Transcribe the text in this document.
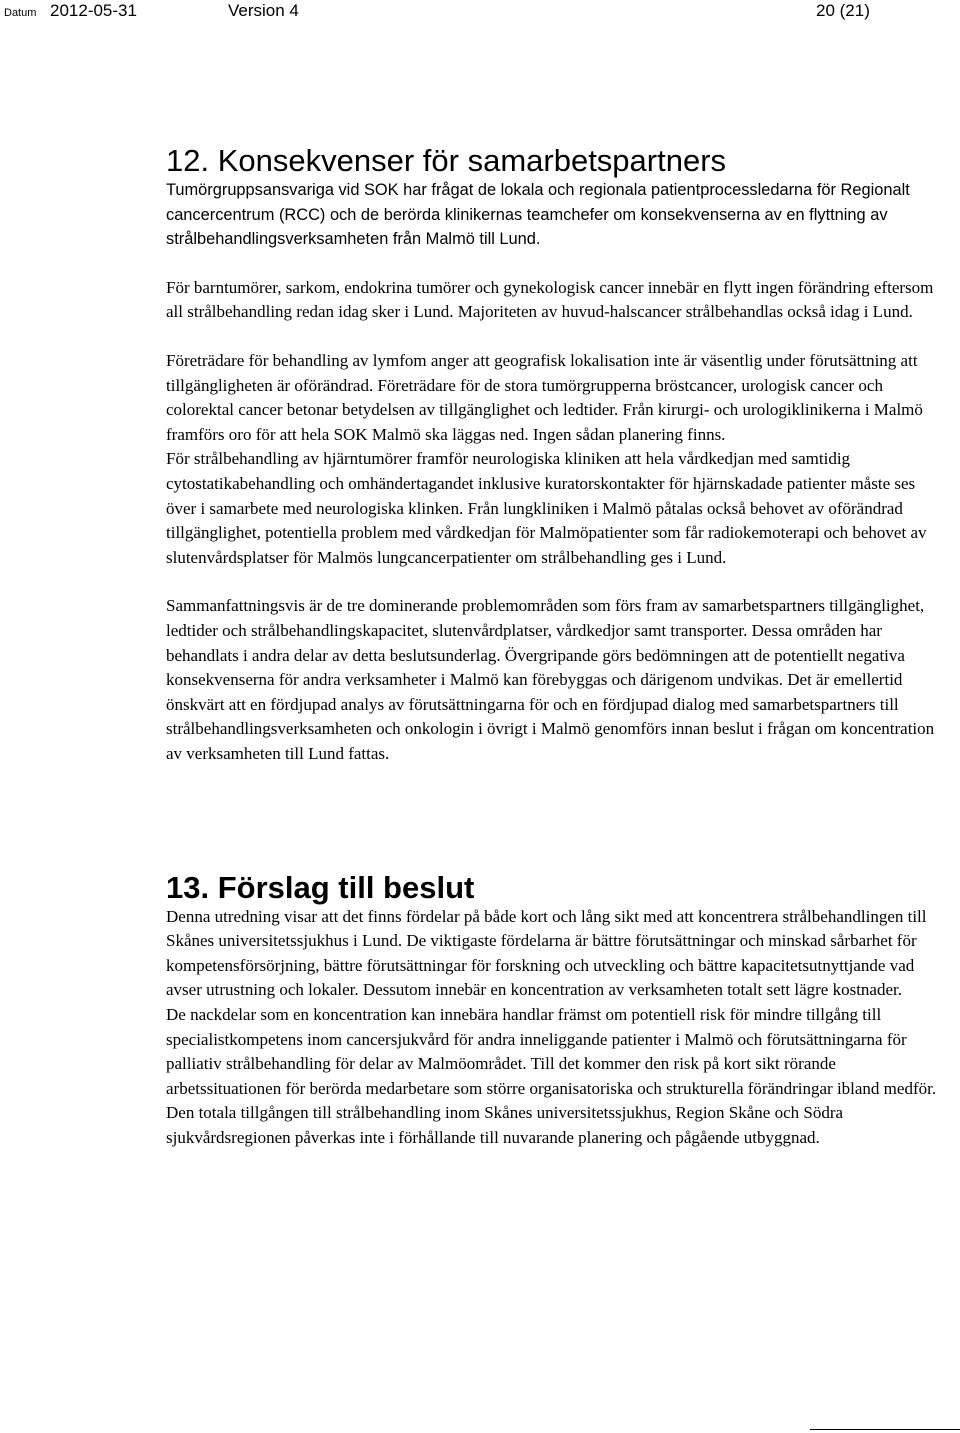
Datum 2012-05-31	Version 4	20 (21)
12. Konsekvenser för samarbetspartners

Tumörgruppsansvariga vid SOK har frågat de lokala och regionala patientprocessledarna för Regionalt cancercentrum (RCC) och de berörda klinikernas teamchefer om konsekvenserna av en flyttning av strålbehandlingsverksamheten från Malmö till Lund.

För barntumörer, sarkom, endokrina tumörer och gynekologisk cancer innebär en flytt ingen förändring eftersom all strålbehandling redan idag sker i Lund. Majoriteten av huvud-halscancer strålbehandlas också idag i Lund.

Företrädare för behandling av lymfom anger att geografisk lokalisation inte är väsentlig under förutsättning att tillgängligheten är oförändrad. Företrädare för de stora tumörgrupperna bröstcancer, urologisk cancer och colorektal cancer betonar betydelsen av tillgänglighet och ledtider. Från kirurgi- och urologiklinikerna i Malmö framförs oro för att hela SOK Malmö ska läggas ned. Ingen sådan planering finns.

För strålbehandling av hjärntumörer framför neurologiska kliniken att hela vårdkedjan med samtidig cytostatikabehandling och omhändertagandet inklusive kuratorskontakter för hjärnskadade patienter måste ses över i samarbete med neurologiska klinken. Från lungkliniken i Malmö påtalas också behovet av oförändrad tillgänglighet, potentiella problem med vårdkedjan för Malmöpatienter som får radiokemoterapi och behovet av slutenvårdsplatser för Malmös lungcancerpatienter om strålbehandling ges i Lund.

Sammanfattningsvis är de tre dominerande problemområden som förs fram av samarbetspartners tillgänglighet, ledtider och strålbehandlingskapacitet, slutenvårdplatser, vårdkedjor samt transporter. Dessa områden har behandlats i andra delar av detta beslutsunderlag. Övergripande görs bedömningen att de potentiellt negativa konsekvenserna för andra verksamheter i Malmö kan förebyggas och därigenom undvikas. Det är emellertid önskvärt att en fördjupad analys av förutsättningarna för och en fördjupad dialog med samarbetspartners till strålbehandlingsverksamheten och onkologin i övrigt i Malmö genomförs innan beslut i frågan om koncentration av verksamheten till Lund fattas.

13. Förslag till beslut

Denna utredning visar att det finns fördelar på både kort och lång sikt med att koncentrera strålbehandlingen till Skånes universitetssjukhus i Lund. De viktigaste fördelarna är bättre förutsättningar och minskad sårbarhet för kompetensförsörjning, bättre förutsättningar för forskning och utveckling och bättre kapacitetsutnyttjande vad avser utrustning och lokaler. Dessutom innebär en koncentration av verksamheten totalt sett lägre kostnader.

De nackdelar som en koncentration kan innebära handlar främst om potentiell risk för mindre tillgång till specialistkompetens inom cancersjukvård för andra inneliggande patienter i Malmö och förutsättningarna för palliativ strålbehandling för delar av Malmöområdet. Till det kommer den risk på kort sikt rörande arbetssituationen för berörda medarbetare som större organisatoriska och strukturella förändringar ibland medför. Den totala tillgången till strålbehandling inom Skånes universitetssjukhus, Region Skåne och Södra sjukvårdsregionen påverkas inte i förhållande till nuvarande planering och pågående utbyggnad.
